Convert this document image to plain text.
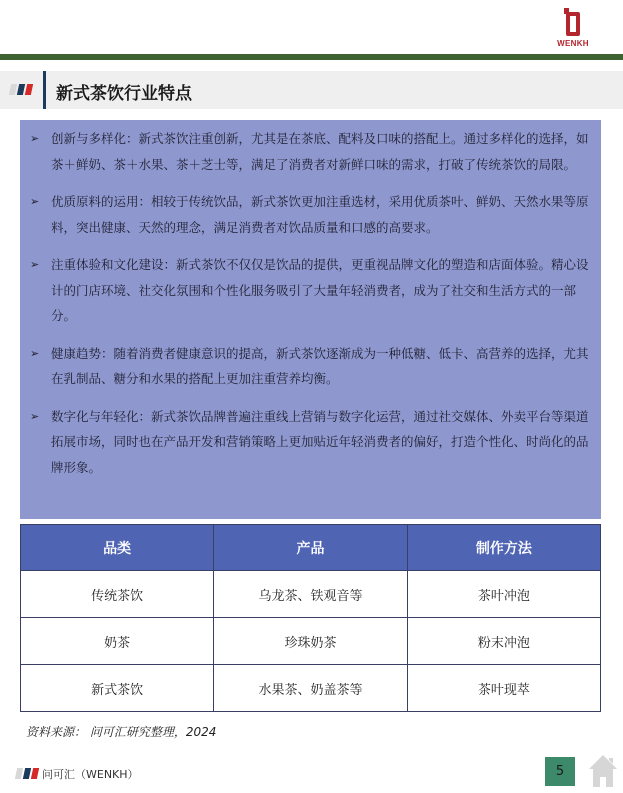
WENKH
新式茶饮行业特点
➢ 创新与多样化：新式茶饮注重创新，尤其是在茶底、配料及口味的搭配上。通过多样化的选择，如茶＋鲜奶、茶＋水果、茶＋芝士等，满足了消费者对新鲜口味的需求，打破了传统茶饮的局限。
➢ 优质原料的运用：相较于传统饮品，新式茶饮更加注重选材，采用优质茶叶、鲜奶、天然水果等原料，突出健康、天然的理念，满足消费者对饮品质量和口感的高要求。
➢ 注重体验和文化建设：新式茶饮不仅仅是饮品的提供，更重视品牌文化的塑造和店面体验。精心设计的门店环境、社交化氛围和个性化服务吸引了大量年轻消费者，成为了社交和生活方式的一部分。
➢ 健康趋势：随着消费者健康意识的提高，新式茶饮逐渐成为一种低糖、低卡、高营养的选择，尤其在乳制品、糖分和水果的搭配上更加注重营养均衡。
➢ 数字化与年轻化：新式茶饮品牌普遍注重线上营销与数字化运营，通过社交媒体、外卖平台等渠道拓展市场，同时也在产品开发和营销策略上更加贴近年轻消费者的偏好，打造个性化、时尚化的品牌形象。
品类	产品	制作方法
传统茶饮	乌龙茶、铁观音等	茶叶冲泡
奶茶	珍珠奶茶	粉末冲泡
新式茶饮	水果茶、奶盖茶等	茶叶现萃
资料来源： 问可汇研究整理，2024
问可汇（WENKH）	5
